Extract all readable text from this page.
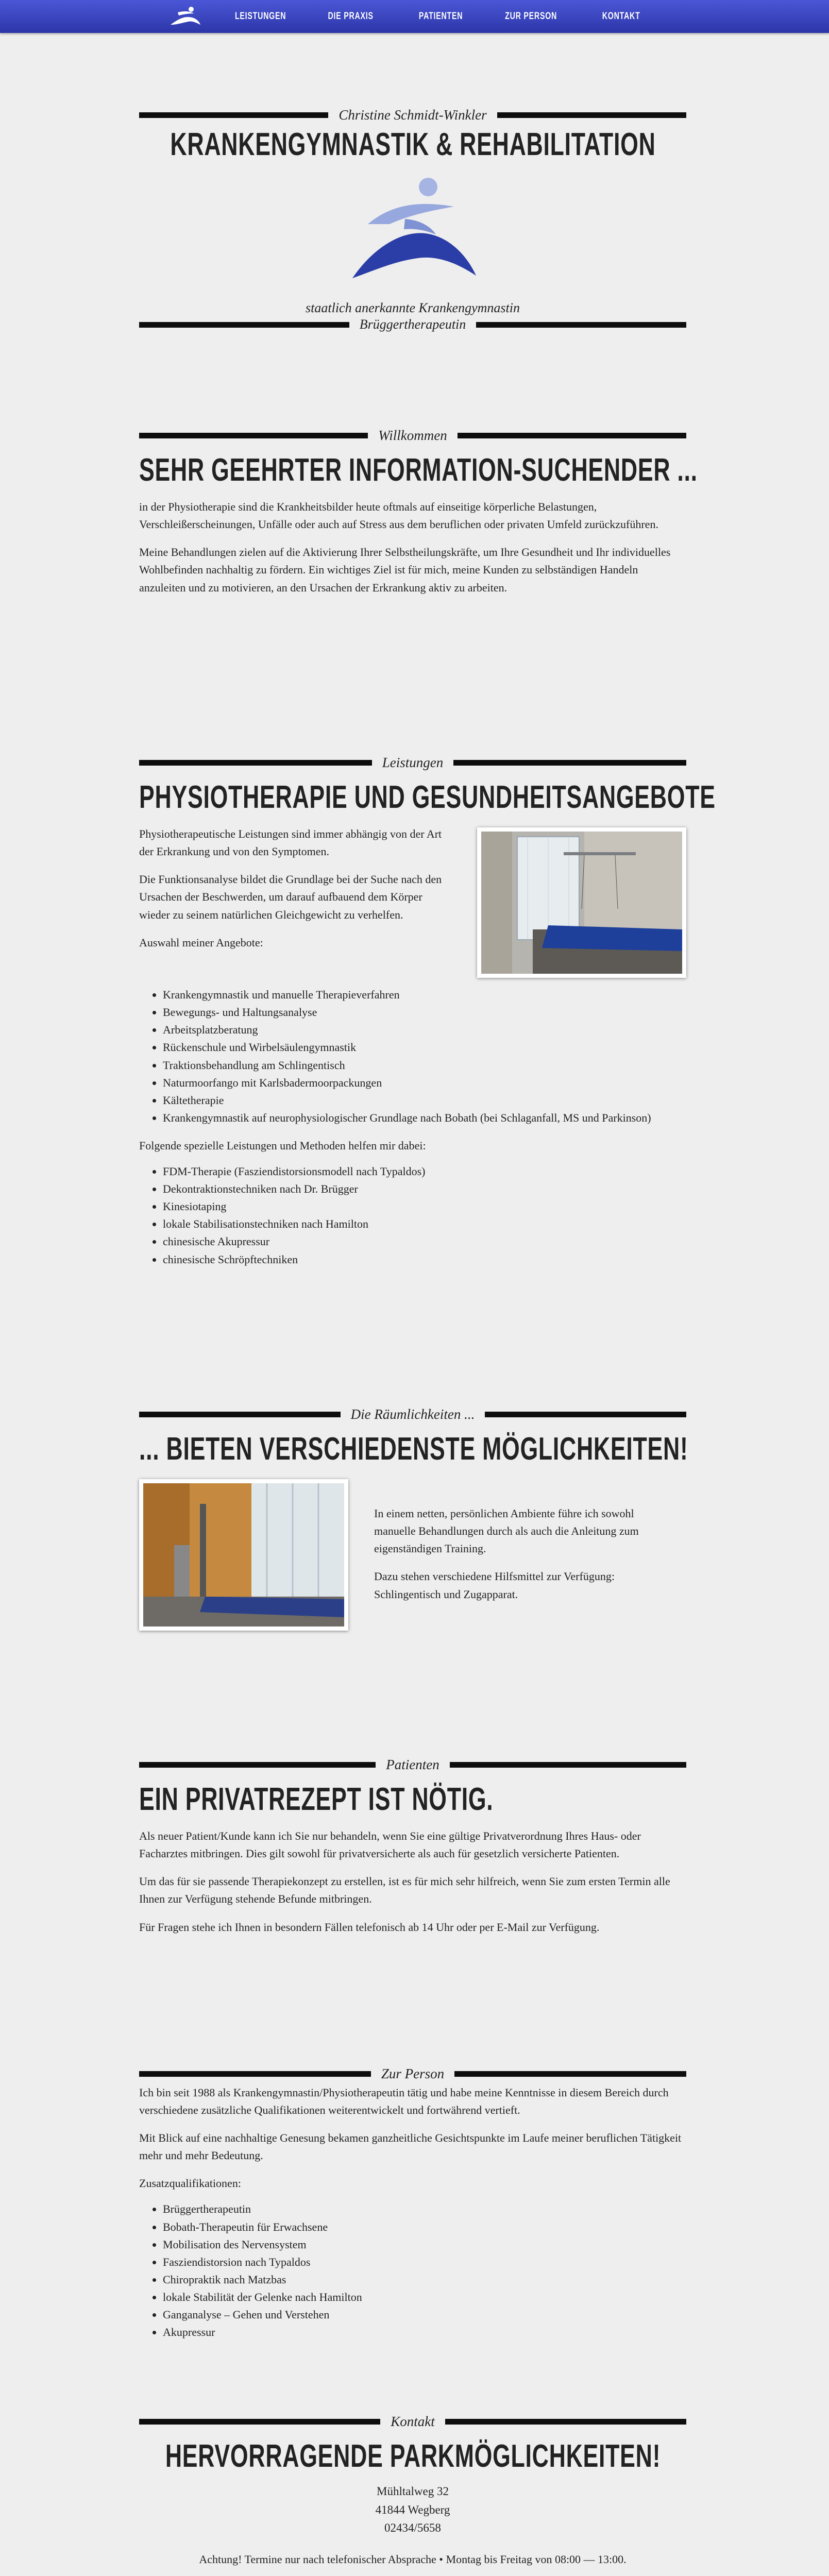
LEISTUNGEN	DIE PRAXIS	PATIENTEN	ZUR PERSON	KONTAKT
Christine Schmidt-Winkler
KRANKENGYMNASTIK & REHABILITATION
staatlich anerkannte Krankengymnastin
Brüggertherapeutin
Willkommen
SEHR GEEHRTER INFORMATION-SUCHENDER ...

in der Physiotherapie sind die Krankheitsbilder heute oftmals auf einseitige körperliche Belastungen, Verschleißerscheinungen, Unfälle oder auch auf Stress aus dem beruflichen oder privaten Umfeld zurückzuführen.

Meine Behandlungen zielen auf die Aktivierung Ihrer Selbstheilungskräfte, um Ihre Gesundheit und Ihr individuelles Wohlbefinden nachhaltig zu fördern. Ein wichtiges Ziel ist für mich, meine Kunden zu selbständigen Handeln anzuleiten und zu motivieren, an den Ursachen der Erkrankung aktiv zu arbeiten.

Leistungen
PHYSIOTHERAPIE UND GESUNDHEITSANGEBOTE

Physiotherapeutische Leistungen sind immer abhängig von der Art der Erkrankung und von den Symptomen.

Die Funktionsanalyse bildet die Grundlage bei der Suche nach den Ursachen der Beschwerden, um darauf aufbauend dem Körper wieder zu seinem natürlichen Gleichgewicht zu verhelfen.

Auswahl meiner Angebote:

• Krankengymnastik und manuelle Therapieverfahren
• Bewegungs- und Haltungsanalyse
• Arbeitsplatzberatung
• Rückenschule und Wirbelsäulengymnastik
• Traktionsbehandlung am Schlingentisch
• Naturmoorfango mit Karlsbadermoorpackungen
• Kältetherapie
• Krankengymnastik auf neurophysiologischer Grundlage nach Bobath (bei Schlaganfall, MS und Parkinson)

Folgende spezielle Leistungen und Methoden helfen mir dabei:

• FDM-Therapie (Fasziendistorsionsmodell nach Typaldos)
• Dekontraktionstechniken nach Dr. Brügger
• Kinesiotaping
• lokale Stabilisationstechniken nach Hamilton
• chinesische Akupressur
• chinesische Schröpftechniken
Die Räumlichkeiten ...
... BIETEN VERSCHIEDENSTE MÖGLICHKEITEN!

In einem netten, persönlichen Ambiente führe ich sowohl manuelle Behandlungen durch als auch die Anleitung zum eigenständigen Training.

Dazu stehen verschiedene Hilfsmittel zur Verfügung: Schlingentisch und Zugapparat.

Patienten
EIN PRIVATREZEPT IST NÖTIG.

Als neuer Patient/Kunde kann ich Sie nur behandeln, wenn Sie eine gültige Privatverordnung Ihres Haus- oder Facharztes mitbringen. Dies gilt sowohl für privatversicherte als auch für gesetzlich versicherte Patienten.

Um das für sie passende Therapiekonzept zu erstellen, ist es für mich sehr hilfreich, wenn Sie zum ersten Termin alle Ihnen zur Verfügung stehende Befunde mitbringen.

Für Fragen stehe ich Ihnen in besondern Fällen telefonisch ab 14 Uhr oder per E-Mail zur Verfügung.

Zur Person

Ich bin seit 1988 als Krankengymnastin/Physiotherapeutin tätig und habe meine Kenntnisse in diesem Bereich durch verschiedene zusätzliche Qualifikationen weiterentwickelt und fortwährend vertieft.

Mit Blick auf eine nachhaltige Genesung bekamen ganzheitliche Gesichtspunkte im Laufe meiner beruflichen Tätigkeit mehr und mehr Bedeutung.

Zusatzqualifikationen:

• Brüggertherapeutin
• Bobath-Therapeutin für Erwachsene
• Mobilisation des Nervensystem
• Fasziendistorsion nach Typaldos
• Chiropraktik nach Matzbas
• lokale Stabilität der Gelenke nach Hamilton
• Ganganalyse – Gehen und Verstehen
• Akupressur
Kontakt
HERVORRAGENDE PARKMÖGLICHKEITEN!
Mühltalweg 32
41844 Wegberg
02434/5658

Achtung! Termine nur nach telefonischer Absprache • Montag bis Freitag von 08:00 — 13:00.
